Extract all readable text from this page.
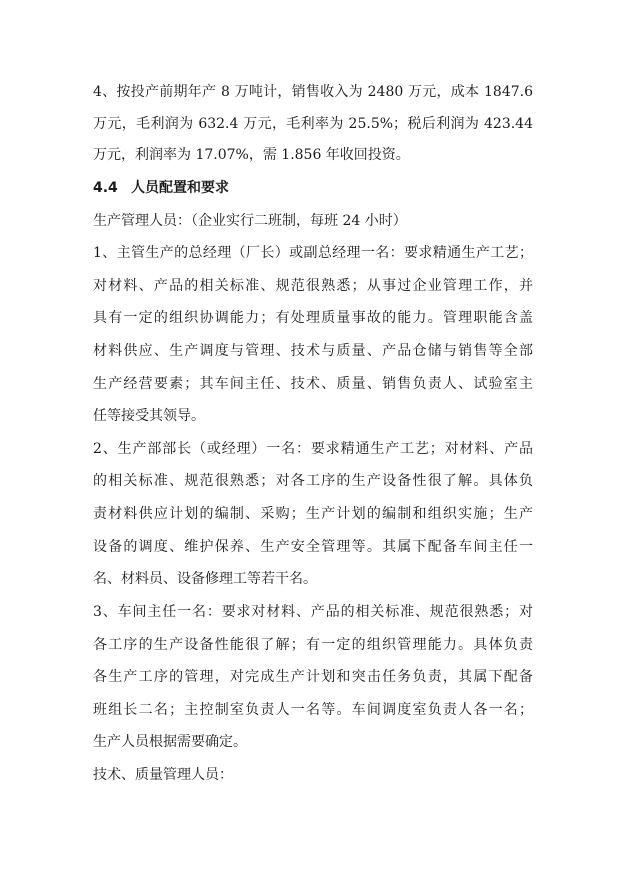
4、按投产前期年产 8 万吨计，销售收入为 2480 万元，成本 1847.6
万元，毛利润为 632.4 万元，毛利率为 25.5%；税后利润为 423.44
万元，利润率为 17.07%，需 1.856 年收回投资。
4.4 人员配置和要求
生产管理人员：（企业实行二班制，每班 24 小时）
1、主管生产的总经理（厂长）或副总经理一名：要求精通生产工艺；
对材料、产品的相关标准、规范很熟悉；从事过企业管理工作，并
具有一定的组织协调能力；有处理质量事故的能力。管理职能含盖
材料供应、生产调度与管理、技术与质量、产品仓储与销售等全部
生产经营要素；其车间主任、技术、质量、销售负责人、试验室主
任等接受其领导。
2、生产部部长（或经理）一名：要求精通生产工艺；对材料、产品
的相关标准、规范很熟悉；对各工序的生产设备性很了解。具体负
责材料供应计划的编制、采购；生产计划的编制和组织实施；生产
设备的调度、维护保养、生产安全管理等。其属下配备车间主任一
名、材料员、设备修理工等若干名。
3、车间主任一名：要求对材料、产品的相关标准、规范很熟悉；对
各工序的生产设备性能很了解；有一定的组织管理能力。具体负责
各生产工序的管理，对完成生产计划和突击任务负责，其属下配备
班组长二名；主控制室负责人一名等。车间调度室负责人各一名；
生产人员根据需要确定。
技术、质量管理人员：
